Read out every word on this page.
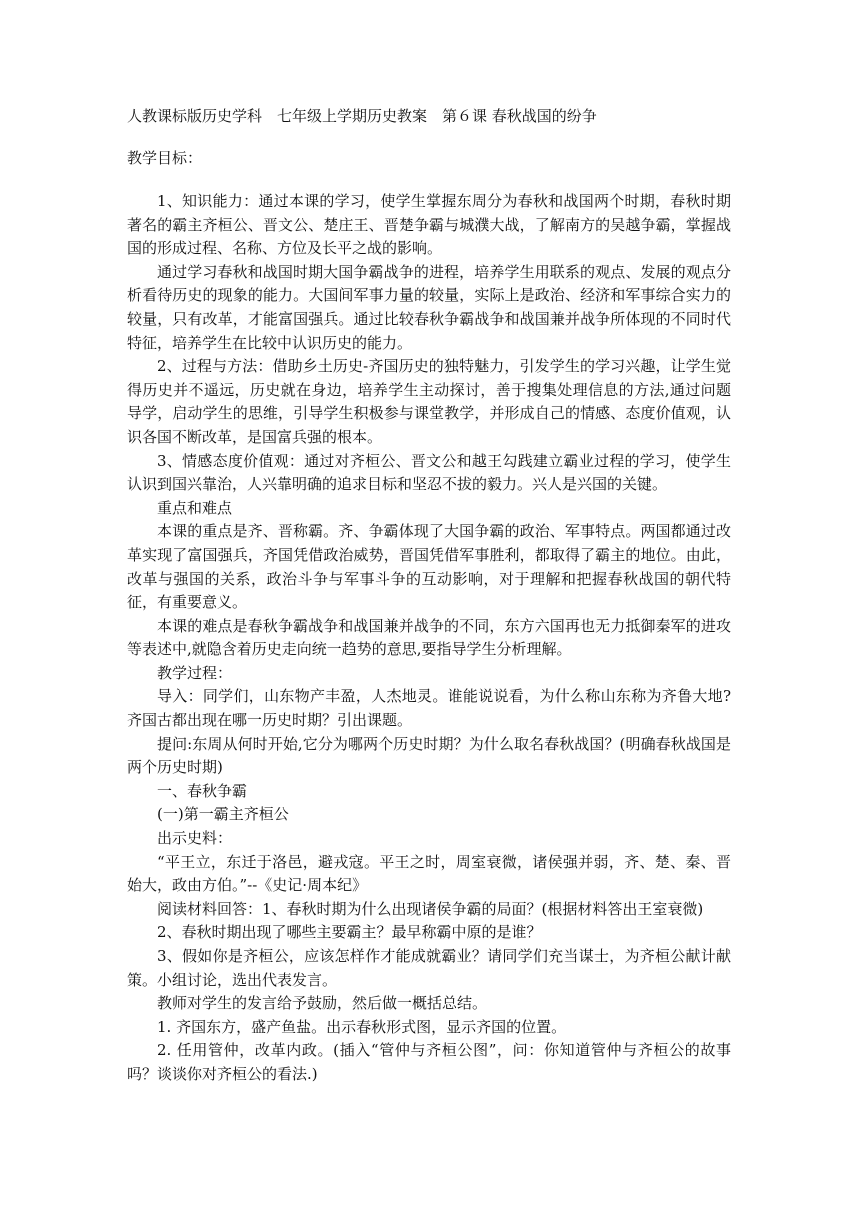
人教课标版历史学科　七年级上学期历史教案　第６课 春秋战国的纷争
教学目标：

1、知识能力：通过本课的学习，使学生掌握东周分为春秋和战国两个时期，春秋时期著名的霸主齐桓公、晋文公、楚庄王、晋楚争霸与城濮大战，了解南方的吴越争霸，掌握战国的形成过程、名称、方位及长平之战的影响。

通过学习春秋和战国时期大国争霸战争的进程，培养学生用联系的观点、发展的观点分析看待历史的现象的能力。大国间军事力量的较量，实际上是政治、经济和军事综合实力的较量，只有改革，才能富国强兵。通过比较春秋争霸战争和战国兼并战争所体现的不同时代特征，培养学生在比较中认识历史的能力。

2、过程与方法：借助乡土历史-齐国历史的独特魅力，引发学生的学习兴趣，让学生觉得历史并不遥远，历史就在身边，培养学生主动探讨，善于搜集处理信息的方法,通过问题导学，启动学生的思维，引导学生积极参与课堂教学，并形成自己的情感、态度价值观，认识各国不断改革，是国富兵强的根本。

3、情感态度价值观：通过对齐桓公、晋文公和越王勾践建立霸业过程的学习，使学生认识到国兴靠治，人兴靠明确的追求目标和坚忍不拔的毅力。兴人是兴国的关键。

重点和难点

本课的重点是齐、晋称霸。齐、争霸体现了大国争霸的政治、军事特点。两国都通过改革实现了富国强兵，齐国凭借政治威势，晋国凭借军事胜利，都取得了霸主的地位。由此，改革与强国的关系，政治斗争与军事斗争的互动影响，对于理解和把握春秋战国的朝代特征，有重要意义。

本课的难点是春秋争霸战争和战国兼并战争的不同，东方六国再也无力抵御秦军的进攻等表述中,就隐含着历史走向统一趋势的意思,要指导学生分析理解。

教学过程：

导入：同学们，山东物产丰盈，人杰地灵。谁能说说看，为什么称山东称为齐鲁大地?齐国古都出现在哪一历史时期？引出课题。

提问:东周从何时开始,它分为哪两个历史时期？为什么取名春秋战国？(明确春秋战国是两个历史时期)

一、春秋争霸

(一)第一霸主齐桓公

出示史料：

“平王立，东迁于洛邑，避戎寇。平王之时，周室衰微，诸侯强并弱，齐、楚、秦、晋始大，政由方伯。”--《史记·周本纪》

阅读材料回答：1、春秋时期为什么出现诸侯争霸的局面？(根据材料答出王室衰微)

2、春秋时期出现了哪些主要霸主？最早称霸中原的是谁？

3、假如你是齐桓公，应该怎样作才能成就霸业？请同学们充当谋士，为齐桓公献计献策。小组讨论，选出代表发言。

教师对学生的发言给予鼓励，然后做一概括总结。

1. 齐国东方，盛产鱼盐。出示春秋形式图，显示齐国的位置。

2. 任用管仲，改革内政。(插入“管仲与齐桓公图”，问：你知道管仲与齐桓公的故事吗？谈谈你对齐桓公的看法.)
